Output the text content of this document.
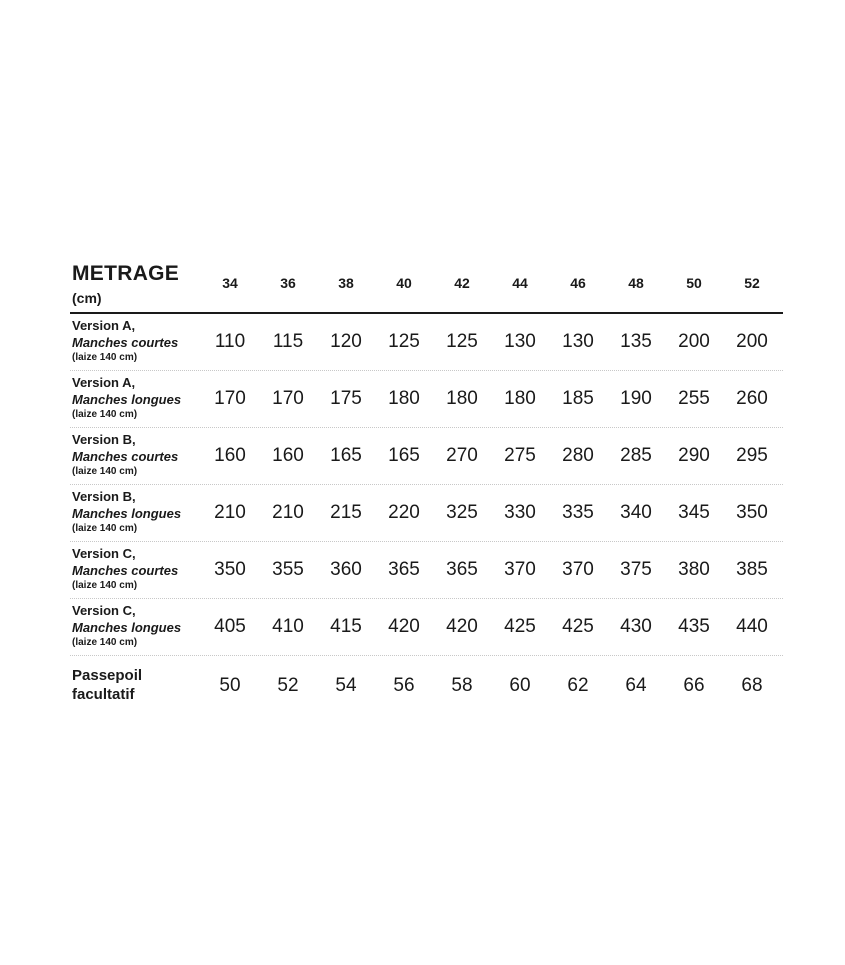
METRAGE
(cm)
34	36	38	40	42	44	46	48	50	52
Version A,
Manches courtes
(laize 140 cm)
110	115	120	125	125	130	130	135	200	200
Version A,
Manches longues
(laize 140 cm)
170	170	175	180	180	180	185	190	255	260
Version B,
Manches courtes
(laize 140 cm)
160	160	165	165	270	275	280	285	290	295
Version B,
Manches longues
(laize 140 cm)
210	210	215	220	325	330	335	340	345	350
Version C,
Manches courtes
(laize 140 cm)
350	355	360	365	365	370	370	375	380	385
Version C,
Manches longues
(laize 140 cm)
405	410	415	420	420	425	425	430	435	440
Passepoil
facultatif	50	52	54	56	58	60	62	64	66	68
